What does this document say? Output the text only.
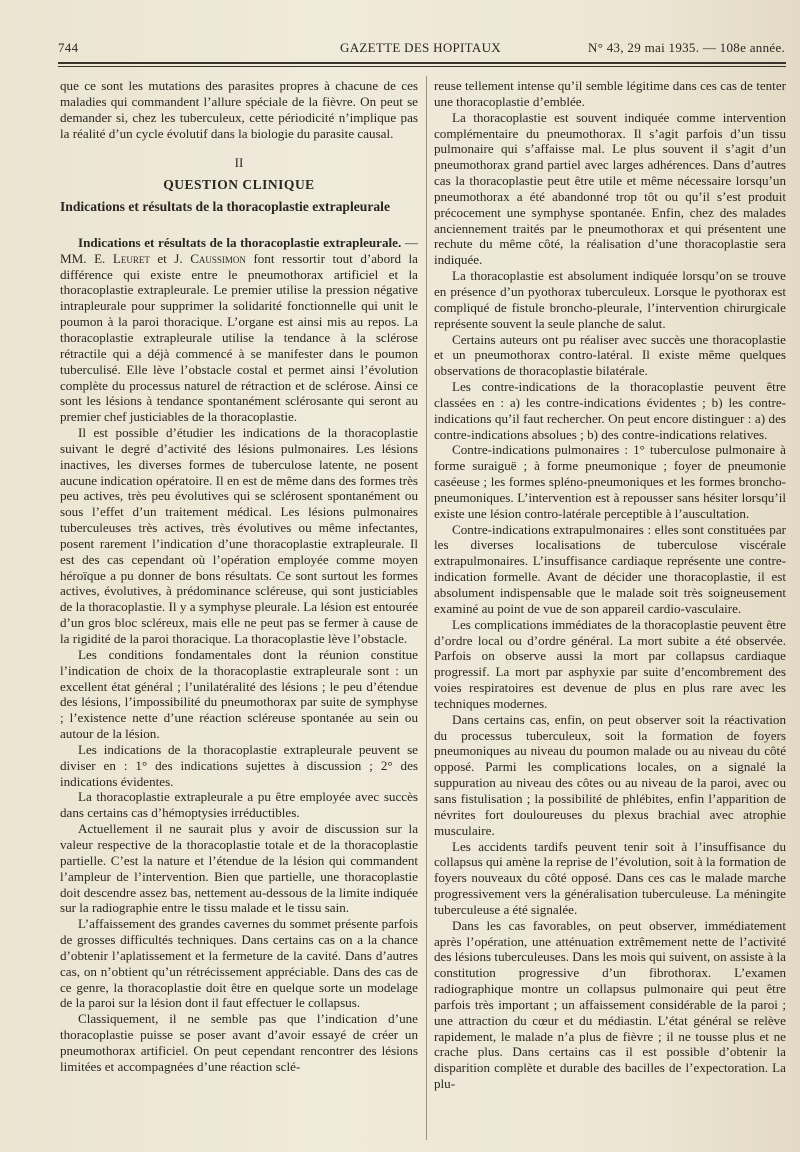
744	GAZETTE DES HOPITAUX	N° 43, 29 mai 1935. — 108e année.

que ce sont les mutations des parasites propres à chacune de ces maladies qui commandent l’allure spéciale de la fièvre. On peut se demander si, chez les tuberculeux, cette périodicité n’implique pas la réalité d’un cycle évolutif dans la biologie du parasite causal.

II
QUESTION CLINIQUE
Indications et résultats de la thoracoplastie extrapleurale

Indications et résultats de la thoracoplastie extrapleurale. — MM. E. Leuret et J. Caussimon font ressortir tout d’abord la différence qui existe entre le pneumothorax artificiel et la thoracoplastie extrapleurale. Le premier utilise la pression négative intrapleurale pour supprimer la solidarité fonctionnelle qui unit le poumon à la paroi thoracique. L’organe est ainsi mis au repos. La thoracoplastie extrapleurale utilise la tendance à la sclérose rétractile qui a déjà commencé à se manifester dans le poumon tuberculisé. Elle lève l’obstacle costal et permet ainsi l’évolution complète du processus naturel de rétraction et de sclérose. Ainsi ce sont les lésions à tendance spontanément sclérosante qui seront au premier chef justiciables de la thoracoplastie.

Il est possible d’étudier les indications de la thoracoplastie suivant le degré d’activité des lésions pulmonaires. Les lésions inactives, les diverses formes de tuberculose latente, ne posent aucune indication opératoire. Il en est de même dans des formes très peu actives, très peu évolutives qui se sclérosent spontanément ou sous l’effet d’un traitement médical. Les lésions pulmonaires tuberculeuses très actives, très évolutives ou même infectantes, posent rarement l’indication d’une thoracoplastie extrapleurale. Il est des cas cependant où l’opération employée comme moyen héroïque a pu donner de bons résultats. Ce sont surtout les formes actives, évolutives, à prédominance scléreuse, qui sont justiciables de la thoracoplastie. Il y a symphyse pleurale. La lésion est entourée d’un gros bloc scléreux, mais elle ne peut pas se fermer à cause de la rigidité de la paroi thoracique. La thoracoplastie lève l’obstacle.

Les conditions fondamentales dont la réunion constitue l’indication de choix de la thoracoplastie extrapleurale sont : un excellent état général ; l’unilatéralité des lésions ; le peu d’étendue des lésions, l’impossibilité du pneumothorax par suite de symphyse ; l’existence nette d’une réaction scléreuse spontanée au sein ou autour de la lésion.

Les indications de la thoracoplastie extrapleurale peuvent se diviser en : 1° des indications sujettes à discussion ; 2° des indications évidentes.

La thoracoplastie extrapleurale a pu être employée avec succès dans certains cas d’hémoptysies irréductibles.

Actuellement il ne saurait plus y avoir de discussion sur la valeur respective de la thoracoplastie totale et de la thoracoplastie partielle. C’est la nature et l’étendue de la lésion qui commandent l’ampleur de l’intervention. Bien que partielle, une thoracoplastie doit descendre assez bas, nettement au-dessous de la limite indiquée sur la radiographie entre le tissu malade et le tissu sain.

L’affaissement des grandes cavernes du sommet présente parfois de grosses difficultés techniques. Dans certains cas on a la chance d’obtenir l’aplatissement et la fermeture de la cavité. Dans d’autres cas, on n’obtient qu’un rétrécissement appréciable. Dans des cas de ce genre, la thoracoplastie doit être en quelque sorte un modelage de la paroi sur la lésion dont il faut effectuer le collapsus.

Classiquement, il ne semble pas que l’indication d’une thoracoplastie puisse se poser avant d’avoir essayé de créer un pneumothorax artificiel. On peut cependant rencontrer des lésions limitées et accompagnées d’une réaction sclé-

reuse tellement intense qu’il semble légitime dans ces cas de tenter une thoracoplastie d’emblée.

La thoracoplastie est souvent indiquée comme intervention complémentaire du pneumothorax. Il s’agit parfois d’un tissu pulmonaire qui s’affaisse mal. Le plus souvent il s’agit d’un pneumothorax grand partiel avec larges adhérences. Dans d’autres cas la thoracoplastie peut être utile et même nécessaire lorsqu’un pneumothorax a été abandonné trop tôt ou qu’il s’est produit précocement une symphyse spontanée. Enfin, chez des malades anciennement traités par le pneumothorax et qui présentent une rechute du même côté, la réalisation d’une thoracoplastie sera indiquée.

La thoracoplastie est absolument indiquée lorsqu’on se trouve en présence d’un pyothorax tuberculeux. Lorsque le pyothorax est compliqué de fistule broncho-pleurale, l’intervention chirurgicale représente souvent la seule planche de salut.

Certains auteurs ont pu réaliser avec succès une thoracoplastie et un pneumothorax contro-latéral. Il existe même quelques observations de thoracoplastie bilatérale.

Les contre-indications de la thoracoplastie peuvent être classées en : a) les contre-indications évidentes ; b) les contre-indications qu’il faut rechercher. On peut encore distinguer : a) des contre-indications absolues ; b) des contre-indications relatives.

Contre-indications pulmonaires : 1° tuberculose pulmonaire à forme suraiguë ; à forme pneumonique ; foyer de pneumonie caséeuse ; les formes spléno-pneumoniques et les formes broncho-pneumoniques. L’intervention est à repousser sans hésiter lorsqu’il existe une lésion contro-latérale perceptible à l’auscultation.

Contre-indications extrapulmonaires : elles sont constituées par les diverses localisations de tuberculose viscérale extrapulmonaires. L’insuffisance cardiaque représente une contre-indication formelle. Avant de décider une thoracoplastie, il est absolument indispensable que le malade soit très soigneusement examiné au point de vue de son appareil cardio-vasculaire.

Les complications immédiates de la thoracoplastie peuvent être d’ordre local ou d’ordre général. La mort subite a été observée. Parfois on observe aussi la mort par collapsus cardiaque progressif. La mort par asphyxie par suite d’encombrement des voies respiratoires est devenue de plus en plus rare avec les techniques modernes.

Dans certains cas, enfin, on peut observer soit la réactivation du processus tuberculeux, soit la formation de foyers pneumoniques au niveau du poumon malade ou au niveau du côté opposé. Parmi les complications locales, on a signalé la suppuration au niveau des côtes ou au niveau de la paroi, avec ou sans fistulisation ; la possibilité de phlébites, enfin l’apparition de névrites fort douloureuses du plexus brachial avec atrophie musculaire.

Les accidents tardifs peuvent tenir soit à l’insuffisance du collapsus qui amène la reprise de l’évolution, soit à la formation de foyers nouveaux du côté opposé. Dans ces cas le malade marche progressivement vers la généralisation tuberculeuse. La méningite tuberculeuse a été signalée.

Dans les cas favorables, on peut observer, immédiatement après l’opération, une atténuation extrêmement nette de l’activité des lésions tuberculeuses. Dans les mois qui suivent, on assiste à la constitution progressive d’un fibrothorax. L’examen radiographique montre un collapsus pulmonaire qui peut être parfois très important ; un affaissement considérable de la paroi ; une attraction du cœur et du médiastin. L’état général se relève rapidement, le malade n’a plus de fièvre ; il ne tousse plus et ne crache plus. Dans certains cas il est possible d’obtenir la disparition complète et durable des bacilles de l’expectoration. La plu-
